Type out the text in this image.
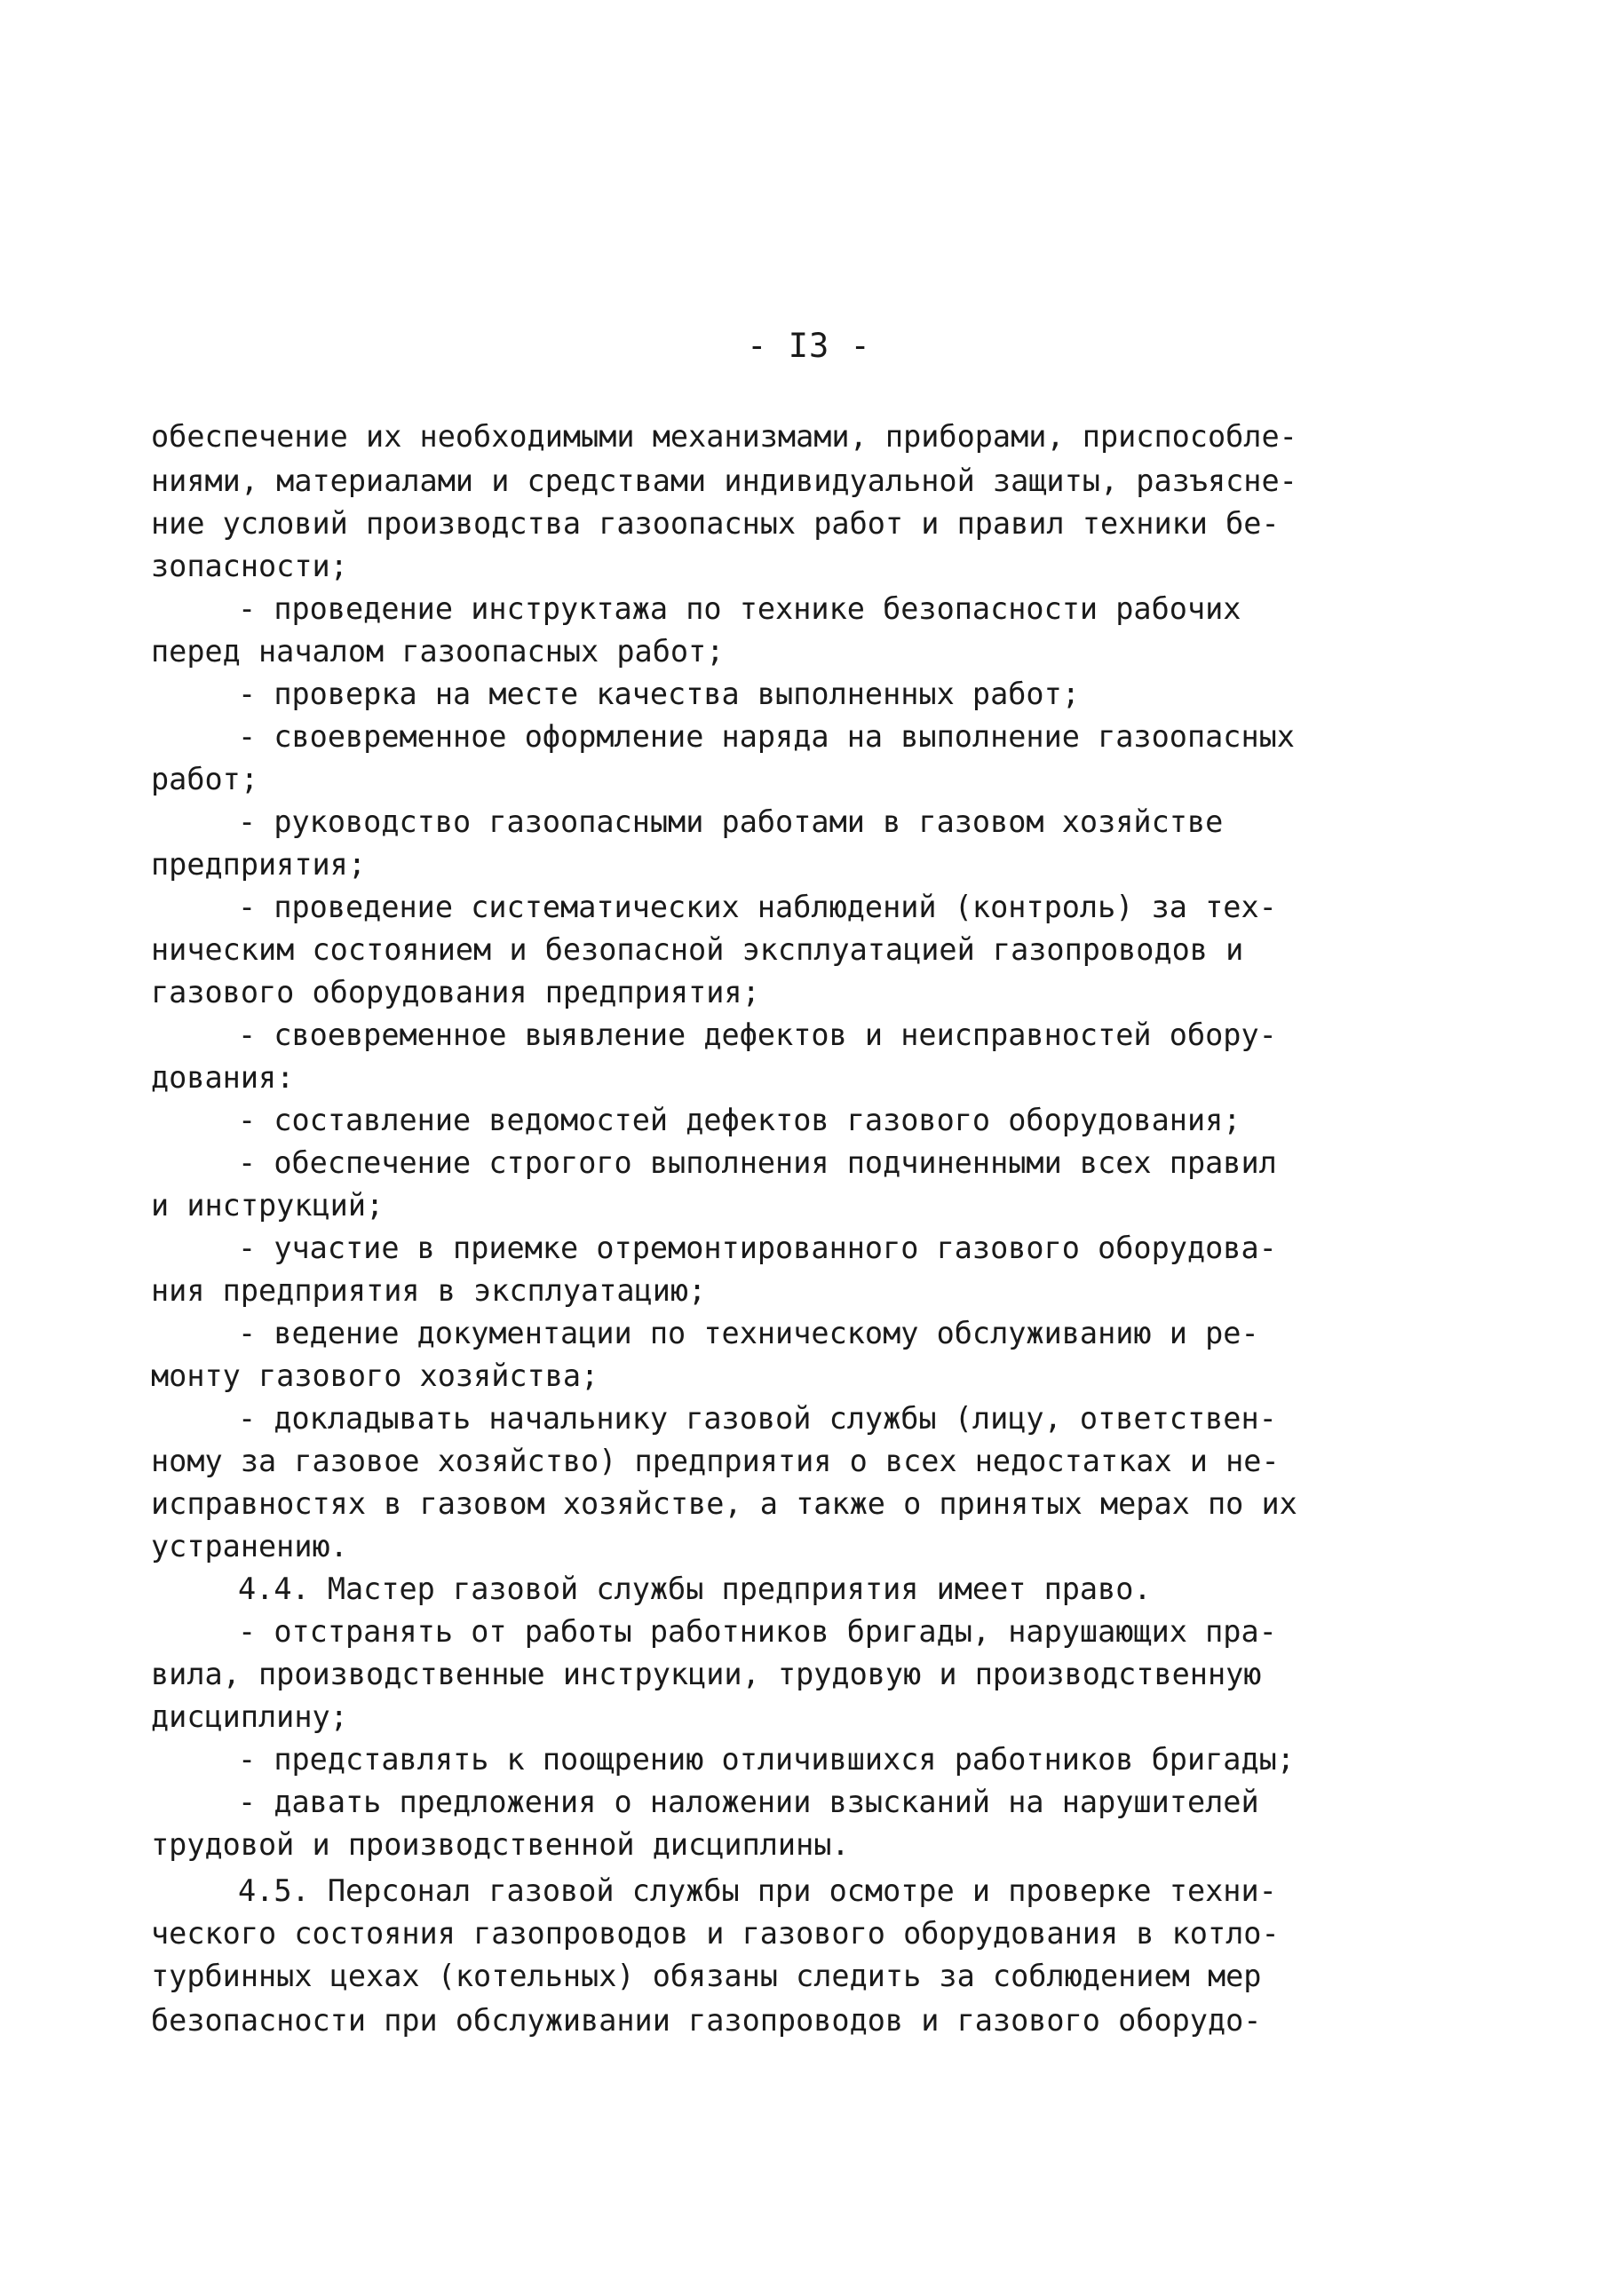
- I3 -
обеспечение их необходимыми механизмами, приборами, приспособле-
ниями, материалами и средствами индивидуальной защиты, разъясне-
ние условий производства газоопасных работ и правил техники бе-
зопасности;
- проведение инструктажа по технике безопасности рабочих
перед началом газоопасных работ;
- проверка на месте качества выполненных работ;
- своевременное оформление наряда на выполнение газоопасных
работ;
- руководство газоопасными работами в газовом хозяйстве
предприятия;
- проведение систематических наблюдений (контроль) за тех-
ническим состоянием и безопасной эксплуатацией газопроводов и
газового оборудования предприятия;
- своевременное выявление дефектов и неисправностей обору-
дования:
- составление ведомостей дефектов газового оборудования;
- обеспечение строгого выполнения подчиненными всех правил
и инструкций;
- участие в приемке отремонтированного газового оборудова-
ния предприятия в эксплуатацию;
- ведение документации по техническому обслуживанию и ре-
монту газового хозяйства;
- докладывать начальнику газовой службы (лицу, ответствен-
ному за газовое хозяйство) предприятия о всех недостатках и не-
исправностях в газовом хозяйстве, а также о принятых мерах по их
устранению.
4.4. Мастер газовой службы предприятия имеет право.
- отстранять от работы работников бригады, нарушающих пра-
вила, производственные инструкции, трудовую и производственную
дисциплину;
- представлять к поощрению отличившихся работников бригады;
- давать предложения о наложении взысканий на нарушителей
трудовой и производственной дисциплины.
4.5. Персонал газовой службы при осмотре и проверке техни-
ческого состояния газопроводов и газового оборудования в котло-
турбинных цехах (котельных) обязаны следить за соблюдением мер
безопасности при обслуживании газопроводов и газового оборудо-
